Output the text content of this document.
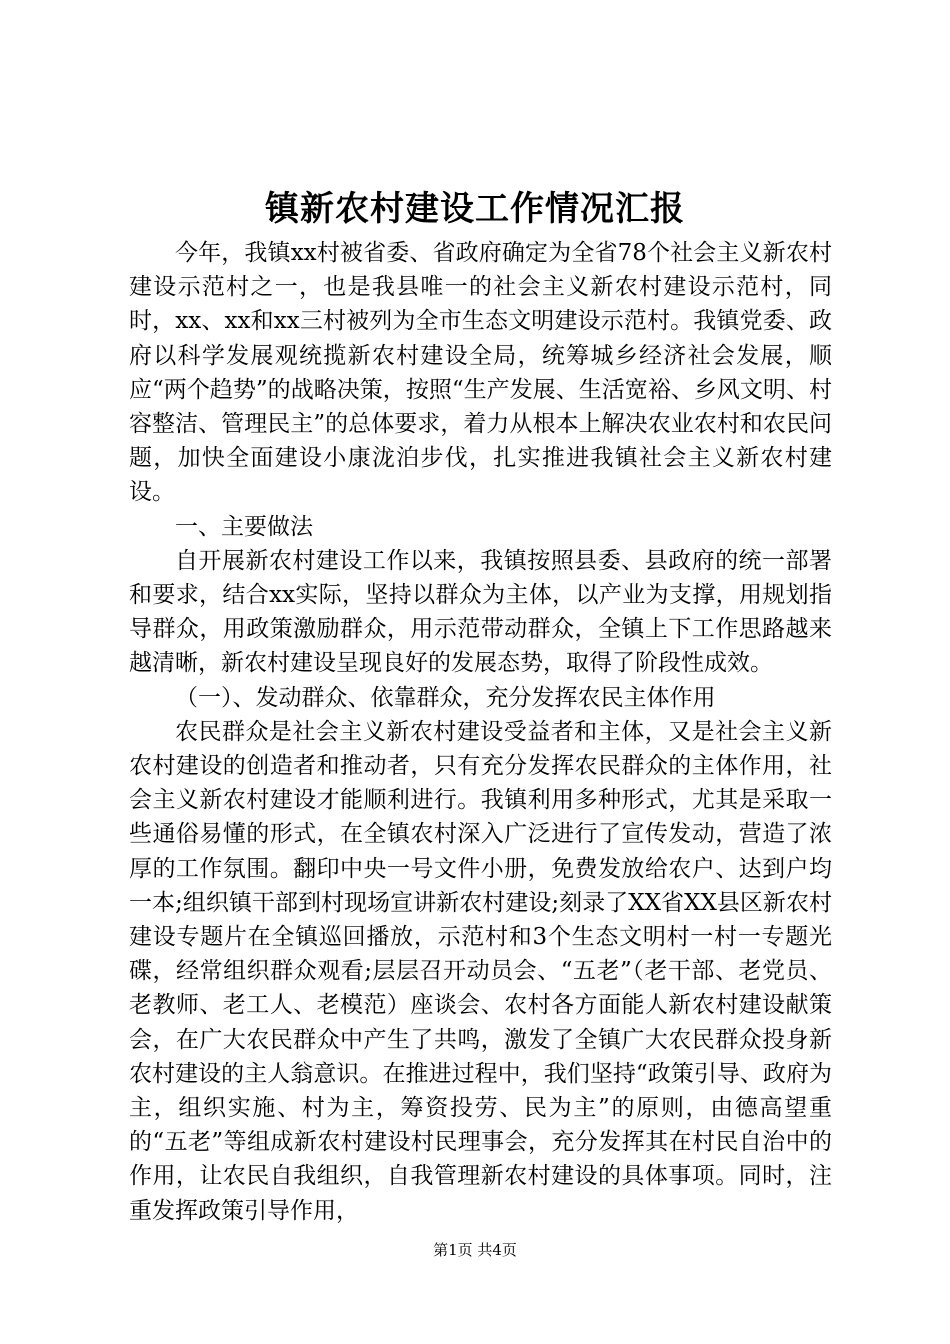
镇新农村建设工作情况汇报

今年，我镇xx村被省委、省政府确定为全省78个社会主义新农村建设示范村之一，也是我县唯一的社会主义新农村建设示范村，同时，xx、xx和xx三村被列为全市生态文明建设示范村。我镇党委、政府以科学发展观统揽新农村建设全局，统筹城乡经济社会发展，顺应“两个趋势”的战略决策，按照“生产发展、生活宽裕、乡风文明、村容整洁、管理民主”的总体要求，着力从根本上解决农业农村和农民问题，加快全面建设小康泷泊步伐，扎实推进我镇社会主义新农村建设。

一、主要做法

自开展新农村建设工作以来，我镇按照县委、县政府的统一部署和要求，结合xx实际，坚持以群众为主体，以产业为支撑，用规划指导群众，用政策激励群众，用示范带动群众，全镇上下工作思路越来越清晰，新农村建设呈现良好的发展态势，取得了阶段性成效。

（一）、发动群众、依靠群众，充分发挥农民主体作用

农民群众是社会主义新农村建设受益者和主体，又是社会主义新农村建设的创造者和推动者，只有充分发挥农民群众的主体作用，社会主义新农村建设才能顺利进行。我镇利用多种形式，尤其是采取一些通俗易懂的形式，在全镇农村深入广泛进行了宣传发动，营造了浓厚的工作氛围。翻印中央一号文件小册，免费发放给农户、达到户均一本;组织镇干部到村现场宣讲新农村建设;刻录了XX省XX县区新农村建设专题片在全镇巡回播放，示范村和3个生态文明村一村一专题光碟，经常组织群众观看;层层召开动员会、“五老”（老干部、老党员、老教师、老工人、老模范）座谈会、农村各方面能人新农村建设献策会，在广大农民群众中产生了共鸣，激发了全镇广大农民群众投身新农村建设的主人翁意识。在推进过程中，我们坚持“政策引导、政府为主，组织实施、村为主，筹资投劳、民为主”的原则，由德高望重的“五老”等组成新农村建设村民理事会，充分发挥其在村民自治中的作用，让农民自我组织，自我管理新农村建设的具体事项。同时，注重发挥政策引导作用，

第1页 共4页
